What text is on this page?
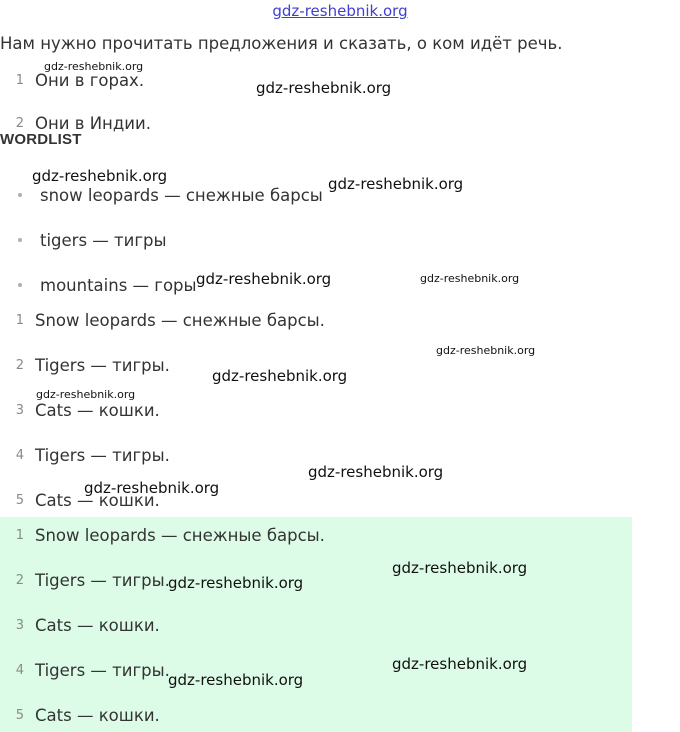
gdz-reshebnik.org
Нам нужно прочитать предложения и сказать, о ком идёт речь.
1 Они в горах.
2 Они в Индии.
WORDLIST
snow leopards — снежные барсы
tigers — тигры
mountains — горы
1 Snow leopards — снежные барсы.
2 Tigers — тигры.
3 Cats — кошки.
4 Tigers — тигры.
5 Cats — кошки.
1 Snow leopards — снежные барсы.
2 Tigers — тигры.
3 Cats — кошки.
4 Tigers — тигры.
5 Cats — кошки.
gdz-reshebnik.org
gdz-reshebnik.org
gdz-reshebnik.org	gdz-reshebnik.org
gdz-reshebnik.org	gdz-reshebnik.org
gdz-reshebnik.org
gdz-reshebnik.org
gdz-reshebnik.org
gdz-reshebnik.org
gdz-reshebnik.org
gdz-reshebnik.org
gdz-reshebnik.org
gdz-reshebnik.org
gdz-reshebnik.org
